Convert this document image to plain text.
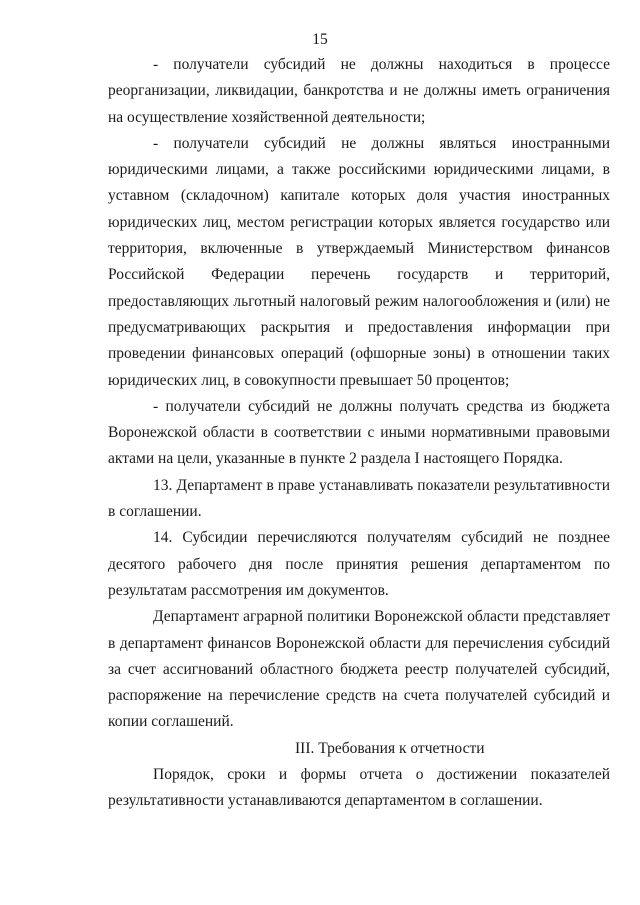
15

- получатели субсидий не должны находиться в процессе реорганизации, ликвидации, банкротства и не должны иметь ограничения на осуществление хозяйственной деятельности;

- получатели субсидий не должны являться иностранными юридическими лицами, а также российскими юридическими лицами, в уставном (складочном) капитале которых доля участия иностранных юридических лиц, местом регистрации которых является государство или территория, включенные в утверждаемый Министерством финансов Российской Федерации перечень государств и территорий, предоставляющих льготный налоговый режим налогообложения и (или) не предусматривающих раскрытия и предоставления информации при проведении финансовых операций (офшорные зоны) в отношении таких юридических лиц, в совокупности превышает 50 процентов;

- получатели субсидий не должны получать средства из бюджета Воронежской области в соответствии с иными нормативными правовыми актами на цели, указанные в пункте 2 раздела I настоящего Порядка.

13. Департамент в праве устанавливать показатели результативности в соглашении.

14. Субсидии перечисляются получателям субсидий не позднее десятого рабочего дня после принятия решения департаментом по результатам рассмотрения им документов.

Департамент аграрной политики Воронежской области представляет в департамент финансов Воронежской области для перечисления субсидий за счет ассигнований областного бюджета реестр получателей субсидий, распоряжение на перечисление средств на счета получателей субсидий и копии соглашений.

III. Требования к отчетности

Порядок, сроки и формы отчета о достижении показателей результативности устанавливаются департаментом в соглашении.
